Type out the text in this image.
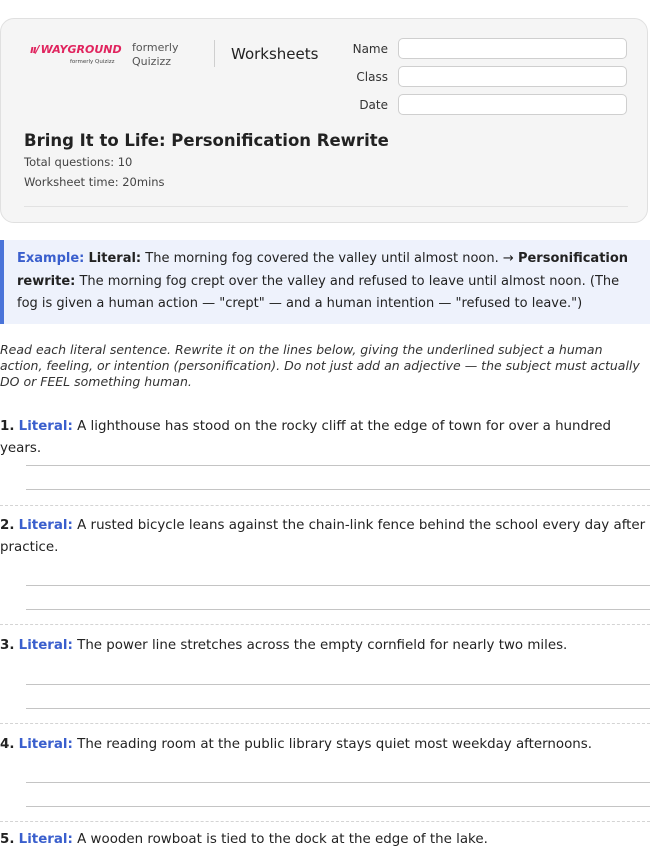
ıı/ WAYGROUND
formerly Quizizz
formerly
Quizizz	Worksheets	Name
Class
Date
Bring It to Life: Personification Rewrite
Total questions: 10
Worksheet time: 20mins
Example: Literal: The morning fog covered the valley until almost noon. → Personification rewrite: The morning fog crept over the valley and refused to leave until almost noon. (The fog is given a human action — "crept" — and a human intention — "refused to leave.")
Read each literal sentence. Rewrite it on the lines below, giving the underlined subject a human action, feeling, or intention (personification). Do not just add an adjective — the subject must actually DO or FEEL something human.
1. Literal: A lighthouse has stood on the rocky cliff at the edge of town for over a hundred years.
2. Literal: A rusted bicycle leans against the chain-link fence behind the school every day after practice.
3. Literal: The power line stretches across the empty cornfield for nearly two miles.
4. Literal: The reading room at the public library stays quiet most weekday afternoons.
5. Literal: A wooden rowboat is tied to the dock at the edge of the lake.
